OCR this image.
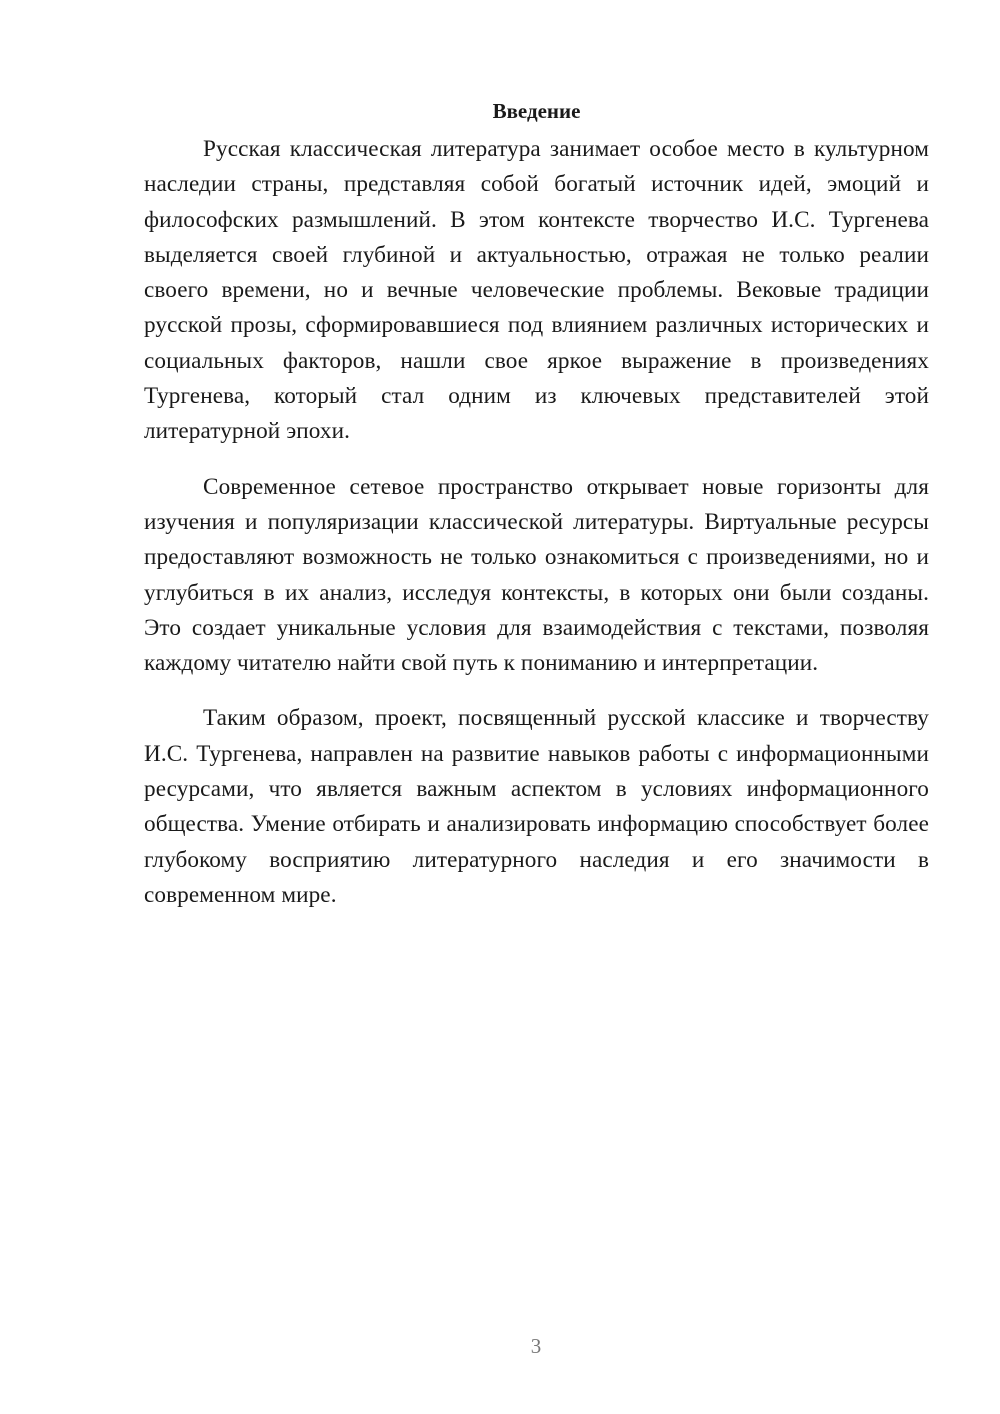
Введение

Русская классическая литература занимает особое место в культурном наследии страны, представляя собой богатый источник идей, эмоций и философских размышлений. В этом контексте творчество И.С. Тургенева выделяется своей глубиной и актуальностью, отражая не только реалии своего времени, но и вечные человеческие проблемы. Вековые традиции русской прозы, сформировавшиеся под влиянием различных исторических и социальных факторов, нашли свое яркое выражение в произведениях Тургенева, который стал одним из ключевых представителей этой литературной эпохи.

Современное сетевое пространство открывает новые горизонты для изучения и популяризации классической литературы. Виртуальные ресурсы предоставляют возможность не только ознакомиться с произведениями, но и углубиться в их анализ, исследуя контексты, в которых они были созданы. Это создает уникальные условия для взаимодействия с текстами, позволяя каждому читателю найти свой путь к пониманию и интерпретации.

Таким образом, проект, посвященный русской классике и творчеству И.С. Тургенева, направлен на развитие навыков работы с информационными ресурсами, что является важным аспектом в условиях информационного общества. Умение отбирать и анализировать информацию способствует более глубокому восприятию литературного наследия и его значимости в современном мире.

3
